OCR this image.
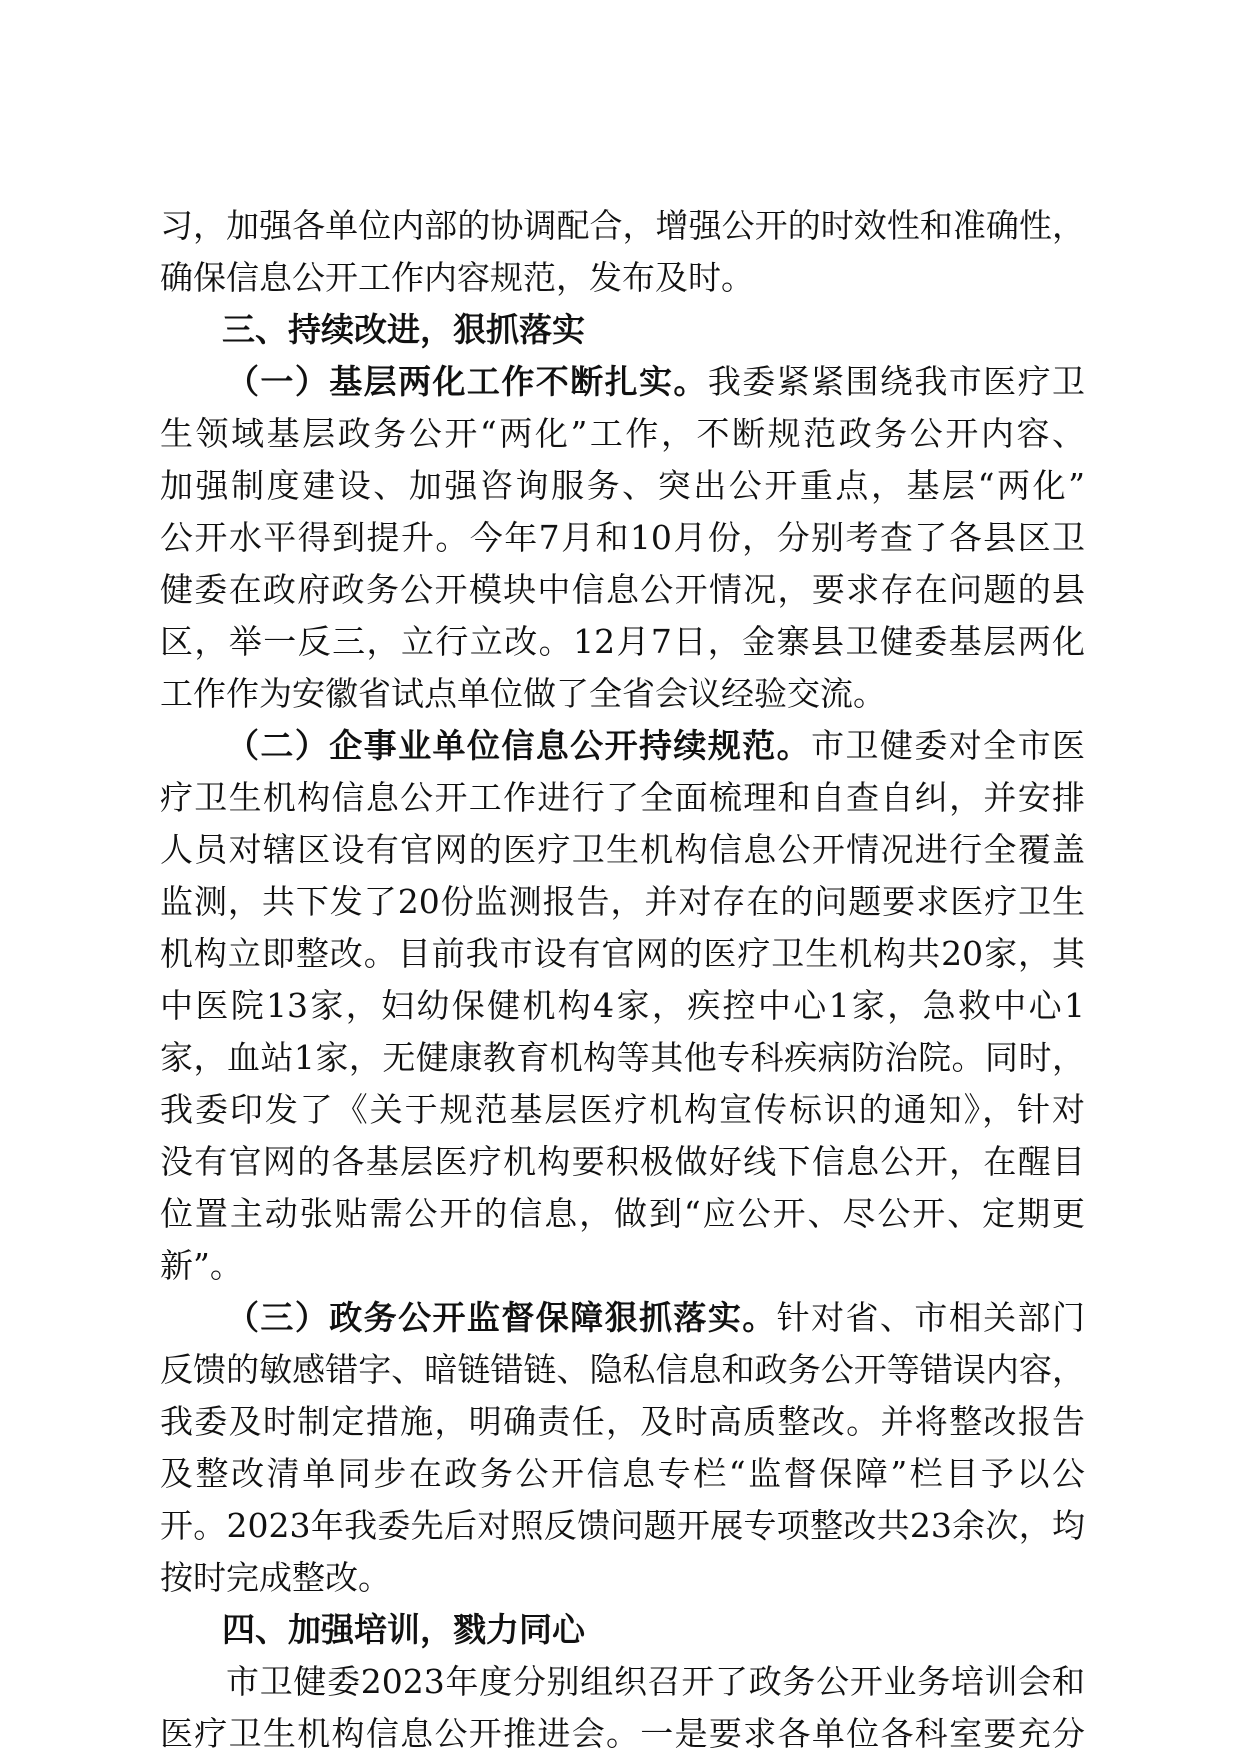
习，加强各单位内部的协调配合，增强公开的时效性和准确性，
确保信息公开工作内容规范，发布及时。
三、持续改进，狠抓落实
（一）基层两化工作不断扎实。我委紧紧围绕我市医疗卫
生领域基层政务公开“两化”工作，不断规范政务公开内容、
加强制度建设、加强咨询服务、突出公开重点，基层“两化”
公开水平得到提升。今年7月和10月份，分别考查了各县区卫
健委在政府政务公开模块中信息公开情况，要求存在问题的县
区，举一反三，立行立改。12月7日，金寨县卫健委基层两化
工作作为安徽省试点单位做了全省会议经验交流。
（二）企事业单位信息公开持续规范。市卫健委对全市医
疗卫生机构信息公开工作进行了全面梳理和自查自纠，并安排
人员对辖区设有官网的医疗卫生机构信息公开情况进行全覆盖
监测，共下发了20份监测报告，并对存在的问题要求医疗卫生
机构立即整改。目前我市设有官网的医疗卫生机构共20家，其
中医院13家，妇幼保健机构4家，疾控中心1家，急救中心1
家，血站1家，无健康教育机构等其他专科疾病防治院。同时，
我委印发了《关于规范基层医疗机构宣传标识的通知》，针对
没有官网的各基层医疗机构要积极做好线下信息公开，在醒目
位置主动张贴需公开的信息，做到“应公开、尽公开、定期更
新”。
（三）政务公开监督保障狠抓落实。针对省、市相关部门
反馈的敏感错字、暗链错链、隐私信息和政务公开等错误内容，
我委及时制定措施，明确责任，及时高质整改。并将整改报告
及整改清单同步在政务公开信息专栏“监督保障”栏目予以公
开。2023年我委先后对照反馈问题开展专项整改共23余次，均
按时完成整改。
四、加强培训，戮力同心
市卫健委2023年度分别组织召开了政务公开业务培训会和
医疗卫生机构信息公开推进会。一是要求各单位各科室要充分
